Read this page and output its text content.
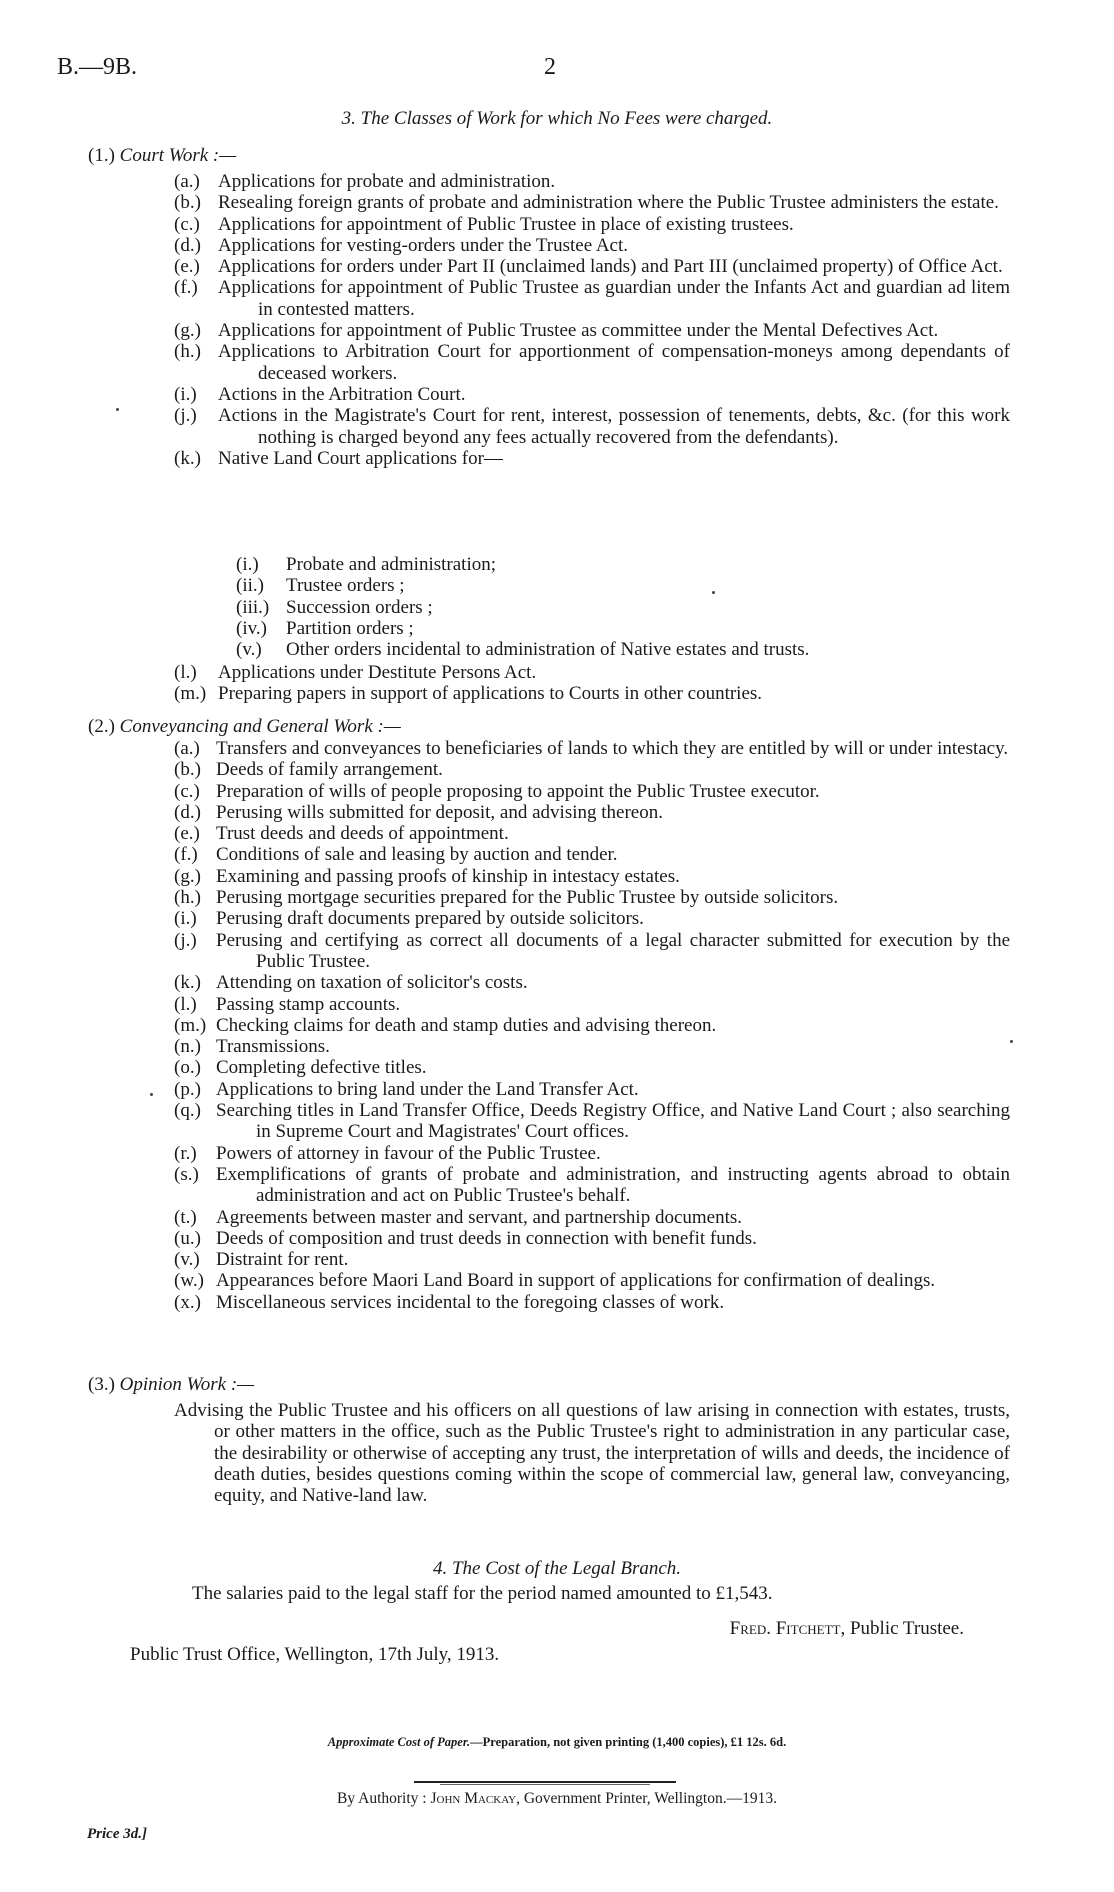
B.—9B.	2
3. The Classes of Work for which No Fees were charged.
(1.) Court Work :—
(a.) Applications for probate and administration.
(b.) Resealing foreign grants of probate and administration where the Public Trustee administers the estate.
(c.) Applications for appointment of Public Trustee in place of existing trustees.
(d.) Applications for vesting-orders under the Trustee Act.
(e.) Applications for orders under Part II (unclaimed lands) and Part III (unclaimed property) of Office Act.
(f.)	Applications for appointment of Public Trustee as guardian under the Infants Act and guardian ad litem in contested matters.
(g.) Applications for appointment of Public Trustee as committee under the Mental Defectives Act.
(h.) Applications to Arbitration Court for apportionment of compensation-moneys among dependants of deceased workers.
(i.)	Actions in the Arbitration Court.
(j.)	Actions in the Magistrate's Court for rent, interest, possession of tenements, debts, &c. (for this work nothing is charged beyond any fees actually recovered from the defendants).
(k.) Native Land Court applications for—
(i.)	Probate and administration;
(ii.)	Trustee orders ;
(iii.) Succession orders ;
(iv.)	Partition orders ;
(v.)	Other orders incidental to administration of Native estates and trusts.
(l.)	Applications under Destitute Persons Act.
(m.) Preparing papers in support of applications to Courts in other countries.
(2.) Conveyancing and General Work :—
(a.) Transfers and conveyances to beneficiaries of lands to which they are entitled by will or under intestacy.
(b.) Deeds of family arrangement.
(c.) Preparation of wills of people proposing to appoint the Public Trustee executor.
(d.) Perusing wills submitted for deposit, and advising thereon.
(e.) Trust deeds and deeds of appointment.
(f.) Conditions of sale and leasing by auction and tender.
(g.) Examining and passing proofs of kinship in intestacy estates.
(h.) Perusing mortgage securities prepared for the Public Trustee by outside solicitors.
(i.)	Perusing draft documents prepared by outside solicitors.
(j.)	Perusing and certifying as correct all documents of a legal character submitted for execution by the Public Trustee.
(k.) Attending on taxation of solicitor's costs.
(l.)	Passing stamp accounts.
(m.) Checking claims for death and stamp duties and advising thereon.
(n.) Transmissions.
(o.) Completing defective titles.
(p.) Applications to bring land under the Land Transfer Act.
(q.) Searching titles in Land Transfer Office, Deeds Registry Office, and Native Land Court ; also searching in Supreme Court and Magistrates' Court offices.
(r.)	Powers of attorney in favour of the Public Trustee.
(s.) Exemplifications of grants of probate and administration, and instructing agents abroad to obtain administration and act on Public Trustee's behalf.
(t.)	Agreements between master and servant, and partnership documents.
(u.) Deeds of composition and trust deeds in connection with benefit funds.
(v.) Distraint for rent.
(w.) Appearances before Maori Land Board in support of applications for confirmation of dealings.
(x.) Miscellaneous services incidental to the foregoing classes of work.
(3.) Opinion Work :—
Advising the Public Trustee and his officers on all questions of law arising in connection with estates, trusts, or other matters in the office, such as the Public Trustee's right to administration in any particular case, the desirability or otherwise of accepting any trust, the interpretation of wills and deeds, the incidence of death duties, besides questions coming within the scope of commercial law, general law, conveyancing, equity, and Native-land law.
4. The Cost of the Legal Branch.
The salaries paid to the legal staff for the period named amounted to £1,543.
Fred. Fitchett, Public Trustee.
Public Trust Office, Wellington, 17th July, 1913.
Approximate Cost of Paper.—Preparation, not given printing (1,400 copies), £1 12s. 6d.
By Authority : John Mackay, Government Printer, Wellington.—1913.
Price 3d.]
